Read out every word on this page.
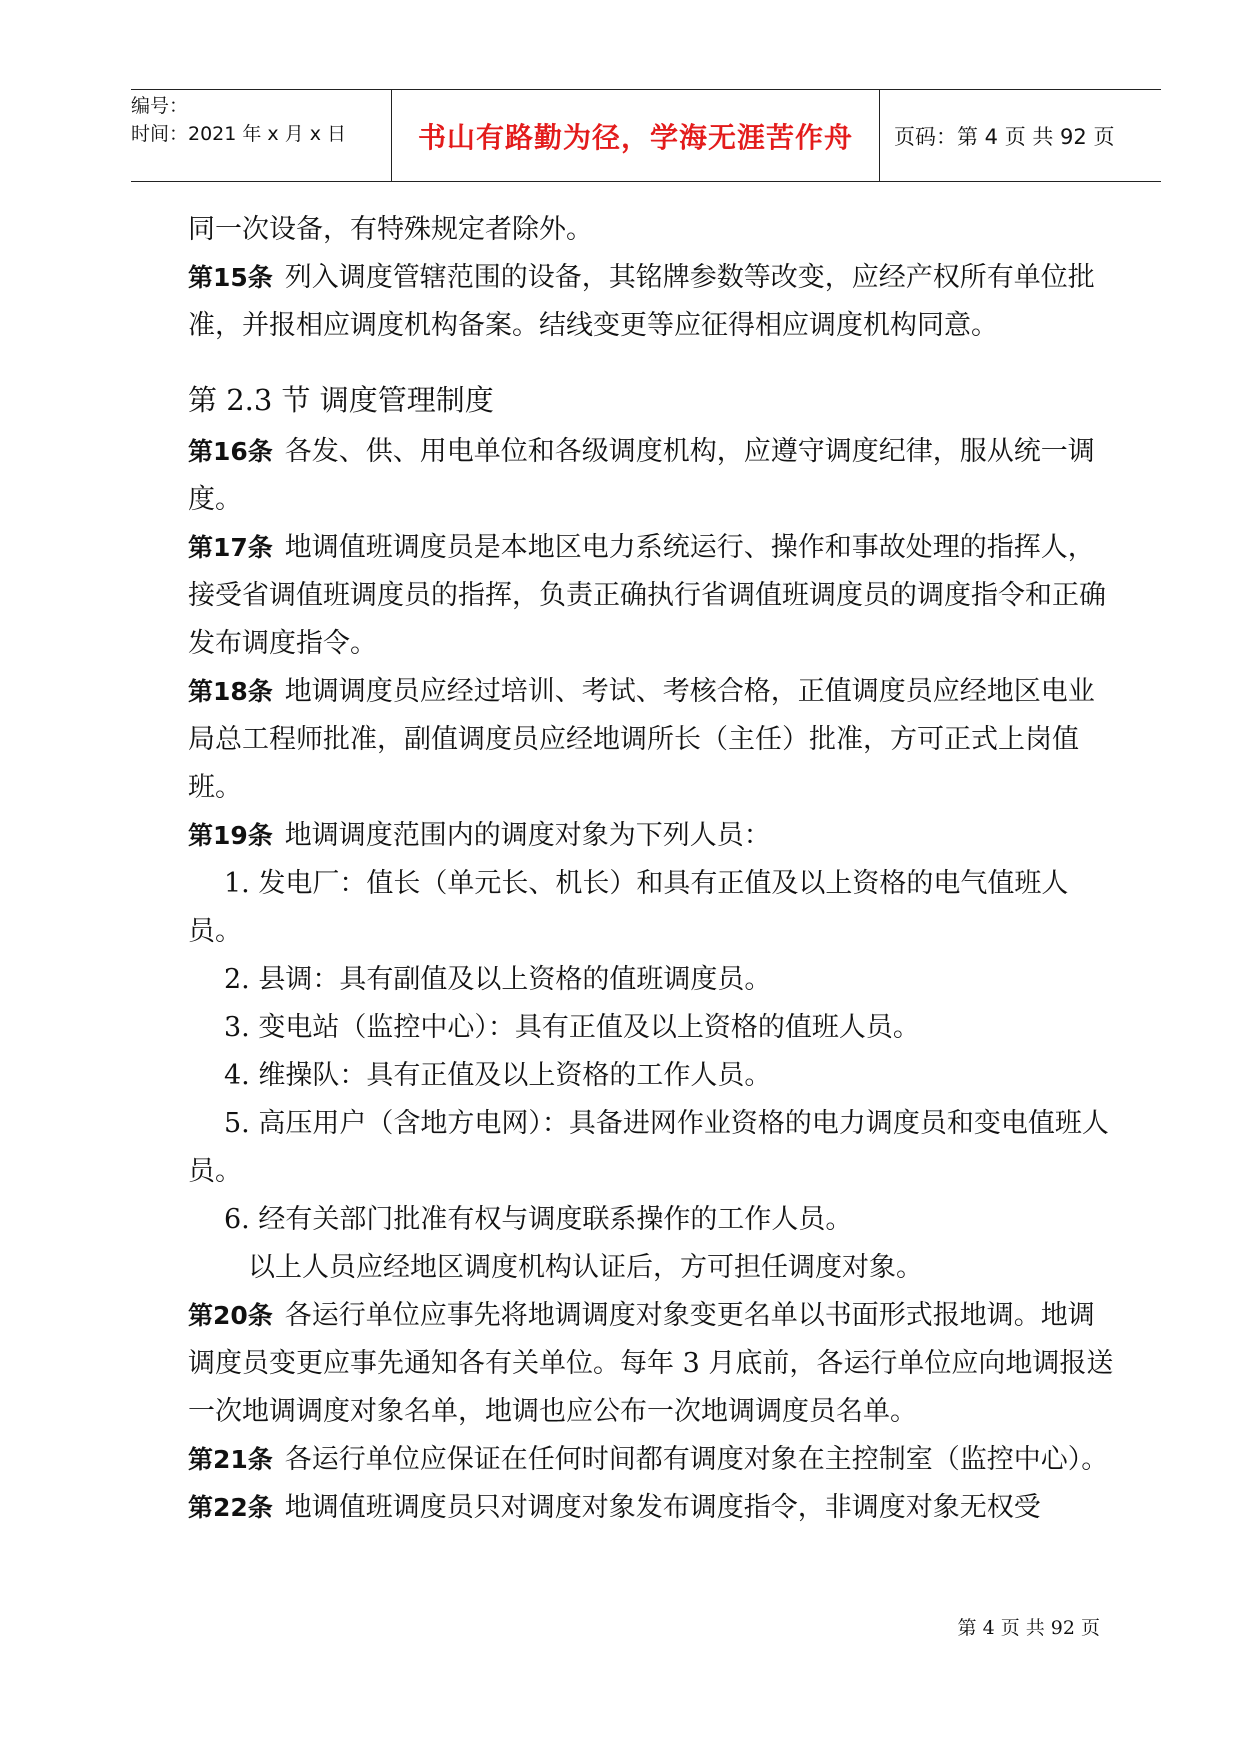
编号：
时间：2021 年 x 月 x 日	书山有路勤为径，学海无涯苦作舟 页码：第 4 页 共 92 页

同一次设备，有特殊规定者除外。

第15条 列入调度管辖范围的设备，其铭牌参数等改变，应经产权所有单位批准，并报相应调度机构备案。结线变更等应征得相应调度机构同意。

第 2.3 节 调度管理制度

第16条 各发、供、用电单位和各级调度机构，应遵守调度纪律，服从统一调度。

第17条 地调值班调度员是本地区电力系统运行、操作和事故处理的指挥人，接受省调值班调度员的指挥，负责正确执行省调值班调度员的调度指令和正确发布调度指令。

第18条 地调调度员应经过培训、考试、考核合格，正值调度员应经地区电业局总工程师批准，副值调度员应经地调所长（主任）批准，方可正式上岗值班。

第19条 地调调度范围内的调度对象为下列人员：

1. 发电厂：值长（单元长、机长）和具有正值及以上资格的电气值班人员。

2. 县调：具有副值及以上资格的值班调度员。

3. 变电站（监控中心）：具有正值及以上资格的值班人员。

4. 维操队：具有正值及以上资格的工作人员。

5. 高压用户（含地方电网）：具备进网作业资格的电力调度员和变电值班人员。

6. 经有关部门批准有权与调度联系操作的工作人员。

以上人员应经地区调度机构认证后，方可担任调度对象。

第20条 各运行单位应事先将地调调度对象变更名单以书面形式报地调。地调调度员变更应事先通知各有关单位。每年 3 月底前，各运行单位应向地调报送一次地调调度对象名单，地调也应公布一次地调调度员名单。

第21条 各运行单位应保证在任何时间都有调度对象在主控制室（监控中心）。

第22条 地调值班调度员只对调度对象发布调度指令，非调度对象无权受

第 4 页 共 92 页
